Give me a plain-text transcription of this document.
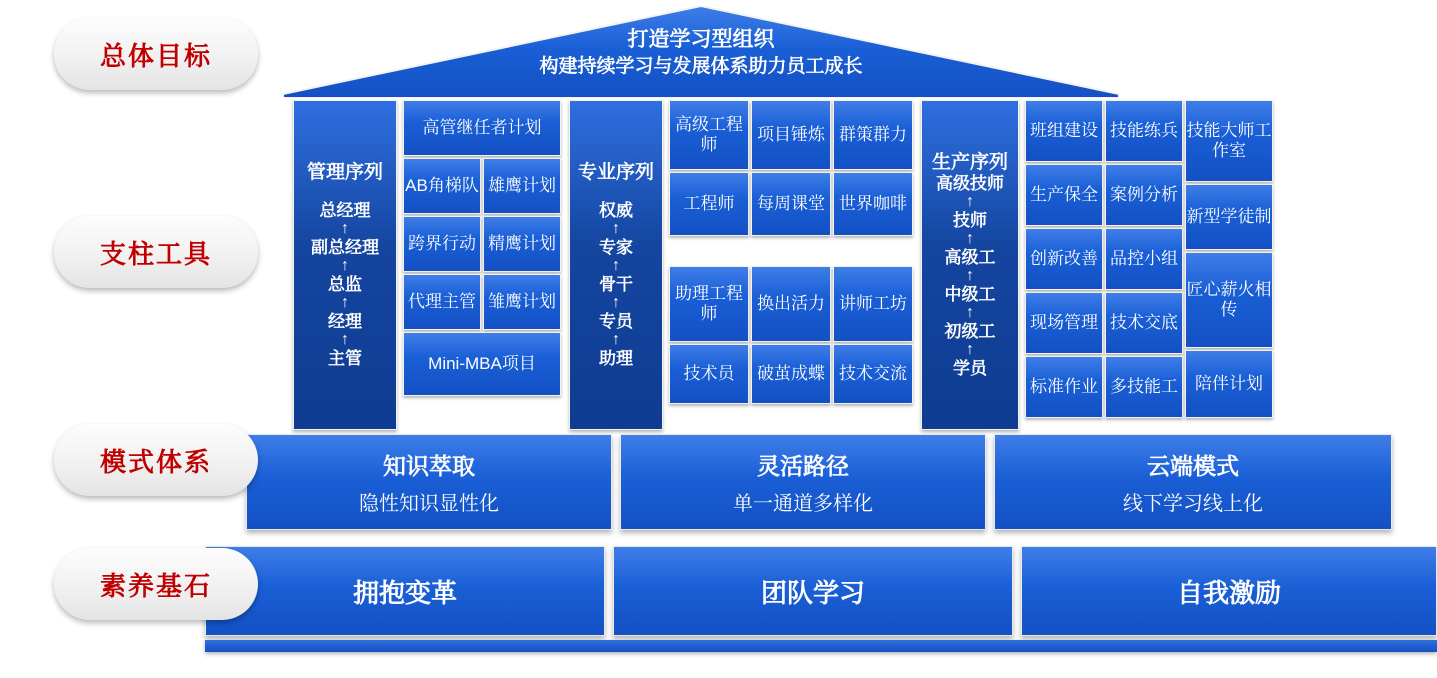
总体目标
支柱工具
模式体系
素养基石
打造学习型组织
构建持续学习与发展体系助力员工成长
管理序列

总经理
↑
副总经理
↑
总监
↑
经理
↑
主管
高管继任者计划
AB角梯队 雄鹰计划
跨界行动 精鹰计划
代理主管 雏鹰计划
Mini-MBA项目
专业序列

权威
↑
专家
↑
骨干
↑
专员
↑
助理
高级工程师
工程师
助理工程师
技术员
项目锤炼
每周课堂
换出活力
破茧成蝶
群策群力
世界咖啡
讲师工坊
技术交流
生产序列
高级技师
↑
技师
↑
高级工
↑
中级工
↑
初级工
↑
学员
班组建设
生产保全
创新改善
现场管理
标准作业
技能练兵
案例分析
品控小组
技术交底
多技能工
技能大师工作室
新型学徒制
匠心薪火相传
陪伴计划
知识萃取
隐性知识显性化
灵活路径
单一通道多样化
云端模式
线下学习线上化
拥抱变革	团队学习	自我激励
